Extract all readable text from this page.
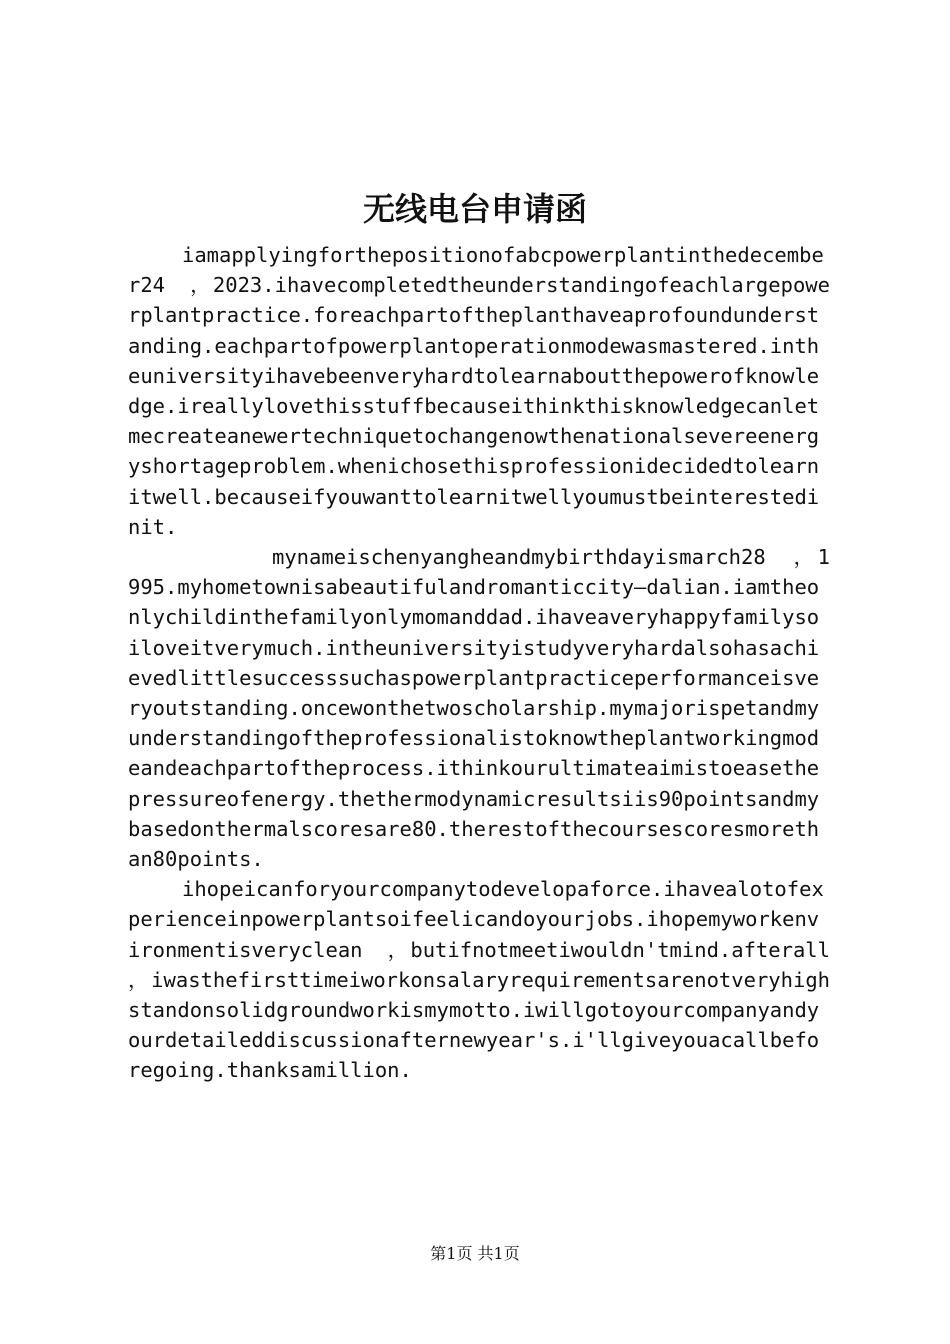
无线电台申请函

iamapplyingforthepositionofabcpowerplantinthedecember24　，2023.ihavecompletedtheunderstandingofeachlargepowerplantpractice.foreachpartoftheplanthaveaprofoundunderstanding.eachpartofpowerplantoperationmodewasmastered.intheuniversityihavebeenveryhardtolearnaboutthepowerofknowledge.ireallylovethisstuffbecauseithinkthisknowledgecanletmecreateanewertechniquetochangenowthenationalsevereenergyshortageproblem.whenichosethisprofessionidecidedtolearnitwell.becauseifyouwanttolearnitwellyoumustbeinterestedinit.

mynameischenyangheandmybirthdayismarch28　，1995.myhometownisabeautifulandromanticcity—dalian.iamtheonlychildinthefamilyonlymomanddad.ihaveaveryhappyfamilysoiloveitverymuch.intheuniversityistudyveryhardalsohasachievedlittlesuccesssuchaspowerplantpracticeperformanceisveryoutstanding.oncewonthetwoscholarship.mymajorispetandmyunderstandingoftheprofessionalistoknowtheplantworkingmodeandeachpartoftheprocess.ithinkourultimateaimistoeasethepressureofenergy.thethermodynamicresultsiis90pointsandmybasedonthermalscoresare80.therestofthecoursescoresmorethan80points.

ihopeicanforyourcompanytodevelopaforce.ihavealotofexperienceinpowerplantsoifeelicandoyourjobs.ihopemyworkenvironmentisveryclean　，butifnotmeetiwouldn'tmind.afterall　，iwasthefirsttimeiworkonsalaryrequirementsarenotveryhighstandonsolidgroundworkismymotto.iwillgotoyourcompanyandyourdetaileddiscussionafternewyear's.i'llgiveyouacallbeforegoing.thanksamillion.

第1页 共1页
